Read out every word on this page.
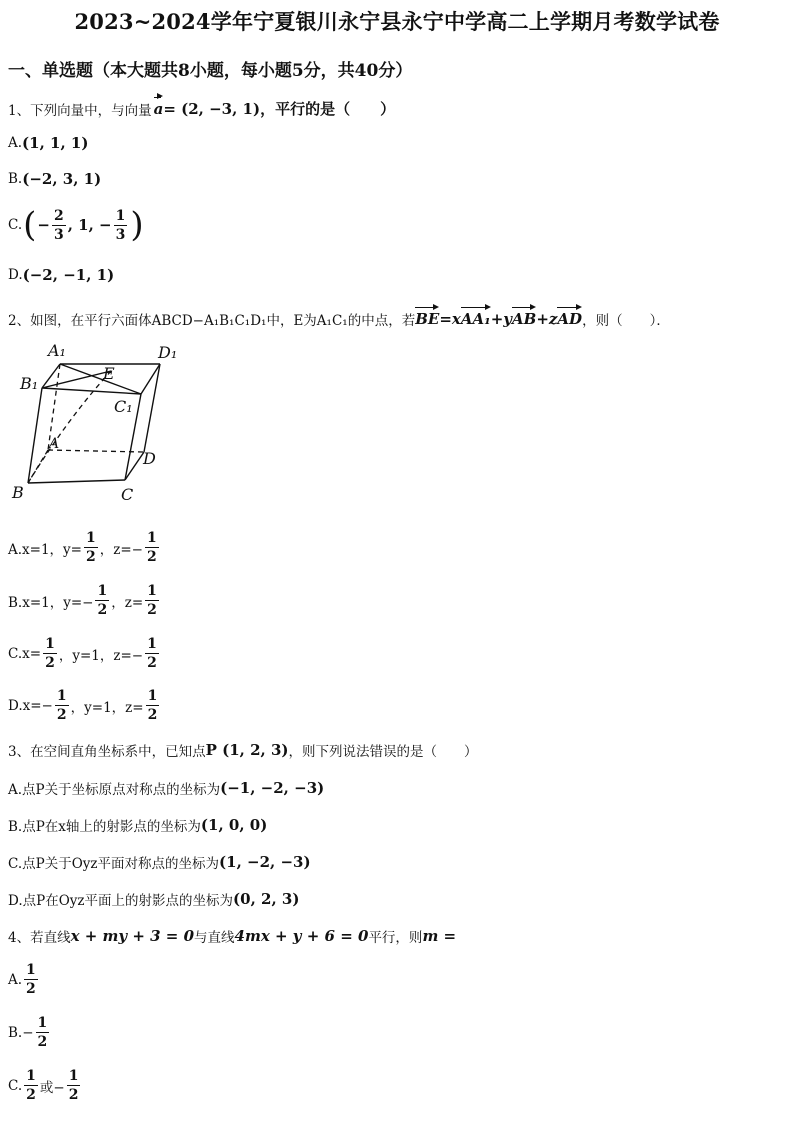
2023~2024学年宁夏银川永宁县永宁中学高二上学期月考数学试卷
一、单选题（本大题共8小题，每小题5分，共40分）
1、下列向量中，与向量 a = (2, −3, 1)，平行的是（　　）
A. (1, 1, 1)
B. (−2, 3, 1)
C. ( − $\frac{2}{3}$ , 1, − $\frac{1}{3}$ )
D. (−2, −1, 1)
2、如图，在平行六面体ABCD−A₁B₁C₁D₁中，E为A₁C₁的中点，若 BE =x AA₁ +y AB +z AD ，则（　　）．
A₁	D₁
B₁
E
C₁
A
D
B	C
A.x=1，$y= \frac{1}{2}$ ，$z=- \frac{1}{2}$
B.x=1，$y=- \frac{1}{2}$ ，$z= \frac{1}{2}$
$C.x= \frac{1}{2}$ ，y=1，$z=- \frac{1}{2}$
$D.x=- \frac{1}{2}$ ，y=1，$z= \frac{1}{2}$
3、在空间直角坐标系中，已知点 P (1, 2, 3) ，则下列说法错误的是（　　）
A.点P关于坐标原点对称点的坐标为 (−1, −2, −3)
B.点P在x轴上的射影点的坐标为 (1, 0, 0)
C.点P关于Oyz平面对称点的坐标为 (1, −2, −3)
D.点P在Oyz平面上的射影点的坐标为 (0, 2, 3)
4、若直线 x + my + 3 = 0 与直线 4mx + y + 6 = 0 平行，则 m =
A. $\frac{1}{2}$
$B.- \frac{1}{2}$
C. $\frac{1}{2}$ 或− $\frac{1}{2}$
